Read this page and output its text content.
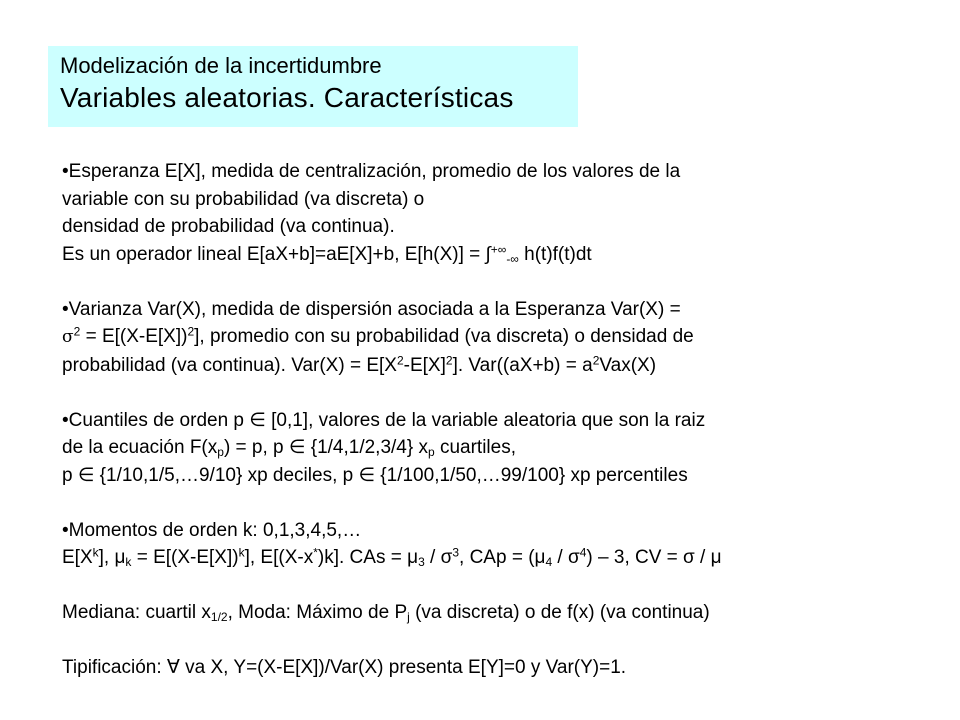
Modelización de la incertidumbre
Variables aleatorias. Características
•Esperanza E[X], medida de centralización, promedio de los valores de la
variable con su probabilidad (va discreta) o
densidad de probabilidad (va continua).
Es un operador lineal E[aX+b]=aE[X]+b, $E[h(X)] = \int^{+\infty}_{-\infty}$ h(t)f(t)dt
•Varianza Var(X), medida de dispersión asociada a la Esperanza Var(X) =
$\sigma^2 = E[(X-E[X])^2]$, promedio con su probabilidad (va discreta) o densidad de
probabilidad (va continua). $Var(X) = E[X^2-E[X]^2]$. $Var((aX+b) = a^2Vax(X)$
•Cuantiles de orden p ∈ [0,1], valores de la variable aleatoria que son la raiz
de la ecuación $F(x_p) = p$, p ∈ {1/4,1/2,3/4} $x_p$ cuartiles,
p ∈ {1/10,1/5,…9/10} xp deciles, p ∈ {1/100,1/50,…99/100} xp percentiles
•Momentos de orden k: 0,1,3,4,5,…
$E[X^k]$, $\mu_k = E[(X-E[X])^k]$, E[(X-x*)k]. CAs = $\mu_3 / \sigma^3$, CAp = $(\mu_4 / \sigma^4) - 3$, CV = σ / μ
Mediana: cuartil $x_{1/2}$, Moda: Máximo de $P_j$ (va discreta) o de f(x) (va continua)
Tipificación: ∀ va X, Y=(X-E[X])/Var(X) presenta E[Y]=0 y Var(Y)=1.
